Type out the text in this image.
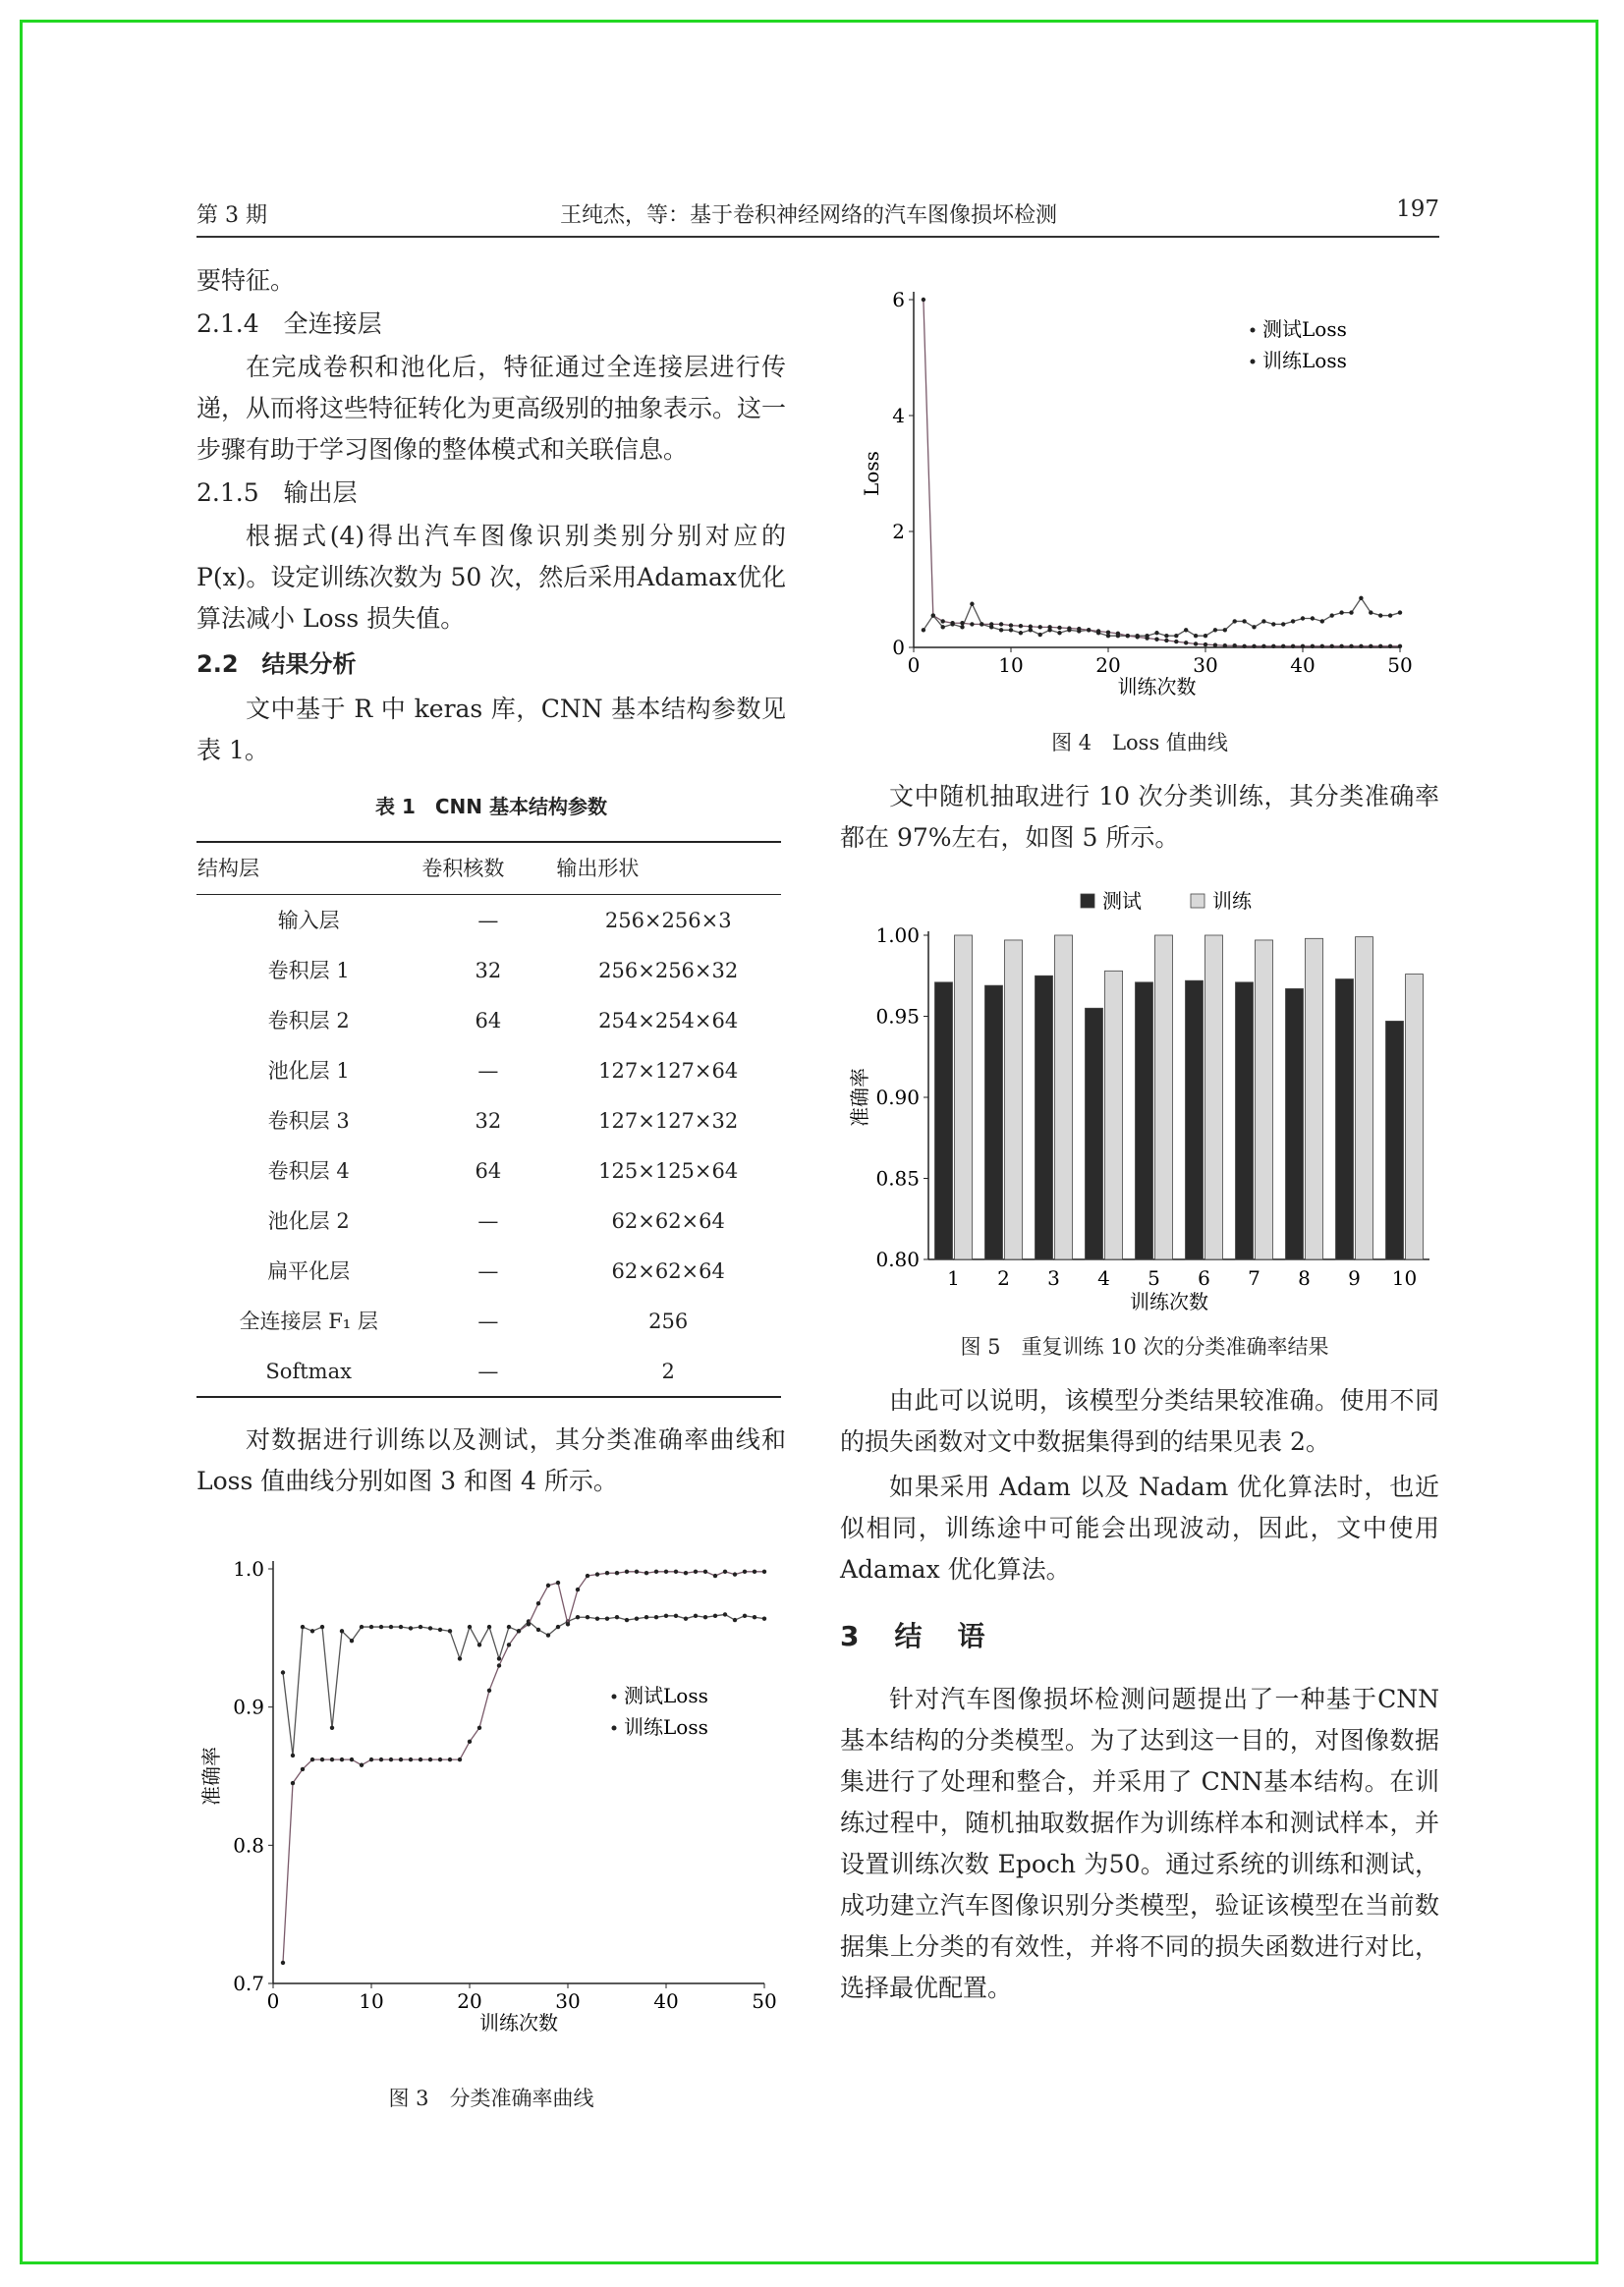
第 3 期	王纯杰，等：基于卷积神经网络的汽车图像损坏检测	197

要特征。

2.1.4　全连接层

在完成卷积和池化后，特征通过全连接层进行传递，从而将这些特征转化为更高级别的抽象表示。这一步骤有助于学习图像的整体模式和关联信息。

2.1.5　输出层

根据式(4)得出汽车图像识别类别分别对应的P(x)。设定训练次数为 50 次，然后采用Adamax优化算法减小 Loss 损失值。

2.2　结果分析

文中基于 R 中 keras 库，CNN 基本结构参数见表 1。

表 1　CNN 基本结构参数
结构层	卷积核数	输出形状
输入层	—	256×256×3
卷积层 1	32	256×256×32
卷积层 2	64	254×254×64
池化层 1	—	127×127×64
卷积层 3	32	127×127×32
卷积层 4	64	125×125×64
池化层 2	—	62×62×64
扁平化层	—	62×62×64
全连接层 F₁ 层	—	256
Softmax	—	2

对数据进行训练以及测试，其分类准确率曲线和 Loss 值曲线分别如图 3 和图 4 所示。

0.7
0.8
0.9
1.0
0	10	20	30	40	50
训练次数
准确率
测试Loss
训练Loss
图 3　分类准确率曲线
0
2
4
6
0	10	20	30	40	50
训练次数
Loss
测试Loss
训练Loss
图 4　Loss 值曲线

文中随机抽取进行 10 次分类训练，其分类准确率都在 97%左右，如图 5 所示。

0.80
0.85
0.90
0.95
1.00
1 2 3 4 5 6 7 8 9 10
训练次数
准确率
测试	训练
图 5　重复训练 10 次的分类准确率结果

由此可以说明，该模型分类结果较准确。使用不同的损失函数对文中数据集得到的结果见表 2。

如果采用 Adam 以及 Nadam 优化算法时，也近似相同，训练途中可能会出现波动，因此，文中使用 Adamax 优化算法。

3　结　语

针对汽车图像损坏检测问题提出了一种基于CNN 基本结构的分类模型。为了达到这一目的，对图像数据集进行了处理和整合，并采用了 CNN基本结构。在训练过程中，随机抽取数据作为训练样本和测试样本，并设置训练次数 Epoch 为50。通过系统的训练和测试，成功建立汽车图像识别分类模型，验证该模型在当前数据集上分类的有效性，并将不同的损失函数进行对比，选择最优配置。
